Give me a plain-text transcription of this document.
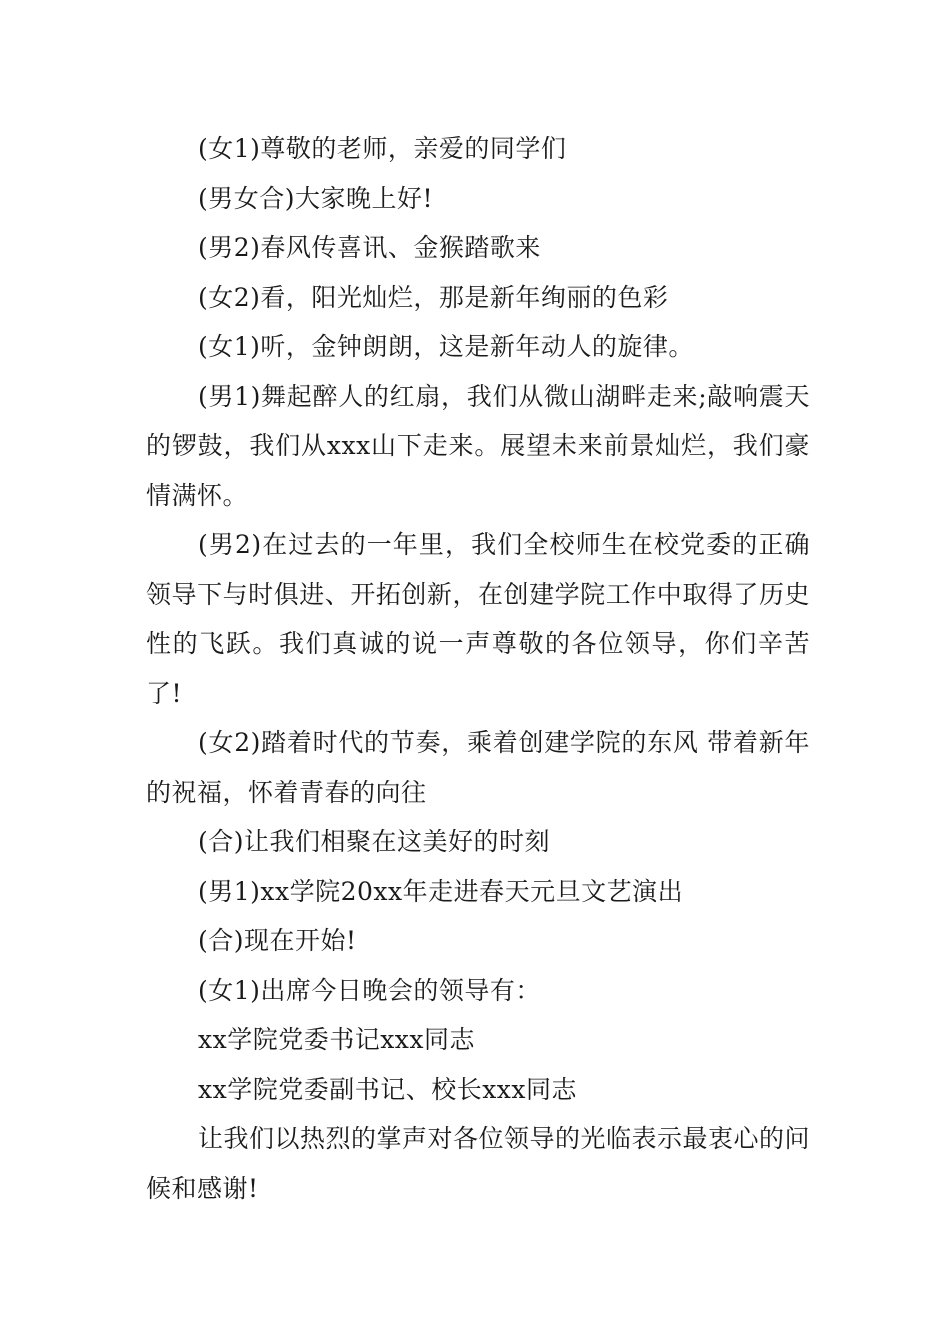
(女1)尊敬的老师，亲爱的同学们

(男女合)大家晚上好!

(男2)春风传喜讯、金猴踏歌来

(女2)看，阳光灿烂，那是新年绚丽的色彩

(女1)听，金钟朗朗，这是新年动人的旋律。

(男1)舞起醉人的红扇，我们从微山湖畔走来;敲响震天的锣鼓，我们从xxx山下走来。展望未来前景灿烂，我们豪情满怀。

(男2)在过去的一年里，我们全校师生在校党委的正确领导下与时俱进、开拓创新，在创建学院工作中取得了历史性的飞跃。我们真诚的说一声尊敬的各位领导，你们辛苦了!

(女2)踏着时代的节奏，乘着创建学院的东风 带着新年的祝福，怀着青春的向往

(合)让我们相聚在这美好的时刻

(男1)xx学院20xx年走进春天元旦文艺演出

(合)现在开始!

(女1)出席今日晚会的领导有：

xx学院党委书记xxx同志

xx学院党委副书记、校长xxx同志

让我们以热烈的掌声对各位领导的光临表示最衷心的问候和感谢!
